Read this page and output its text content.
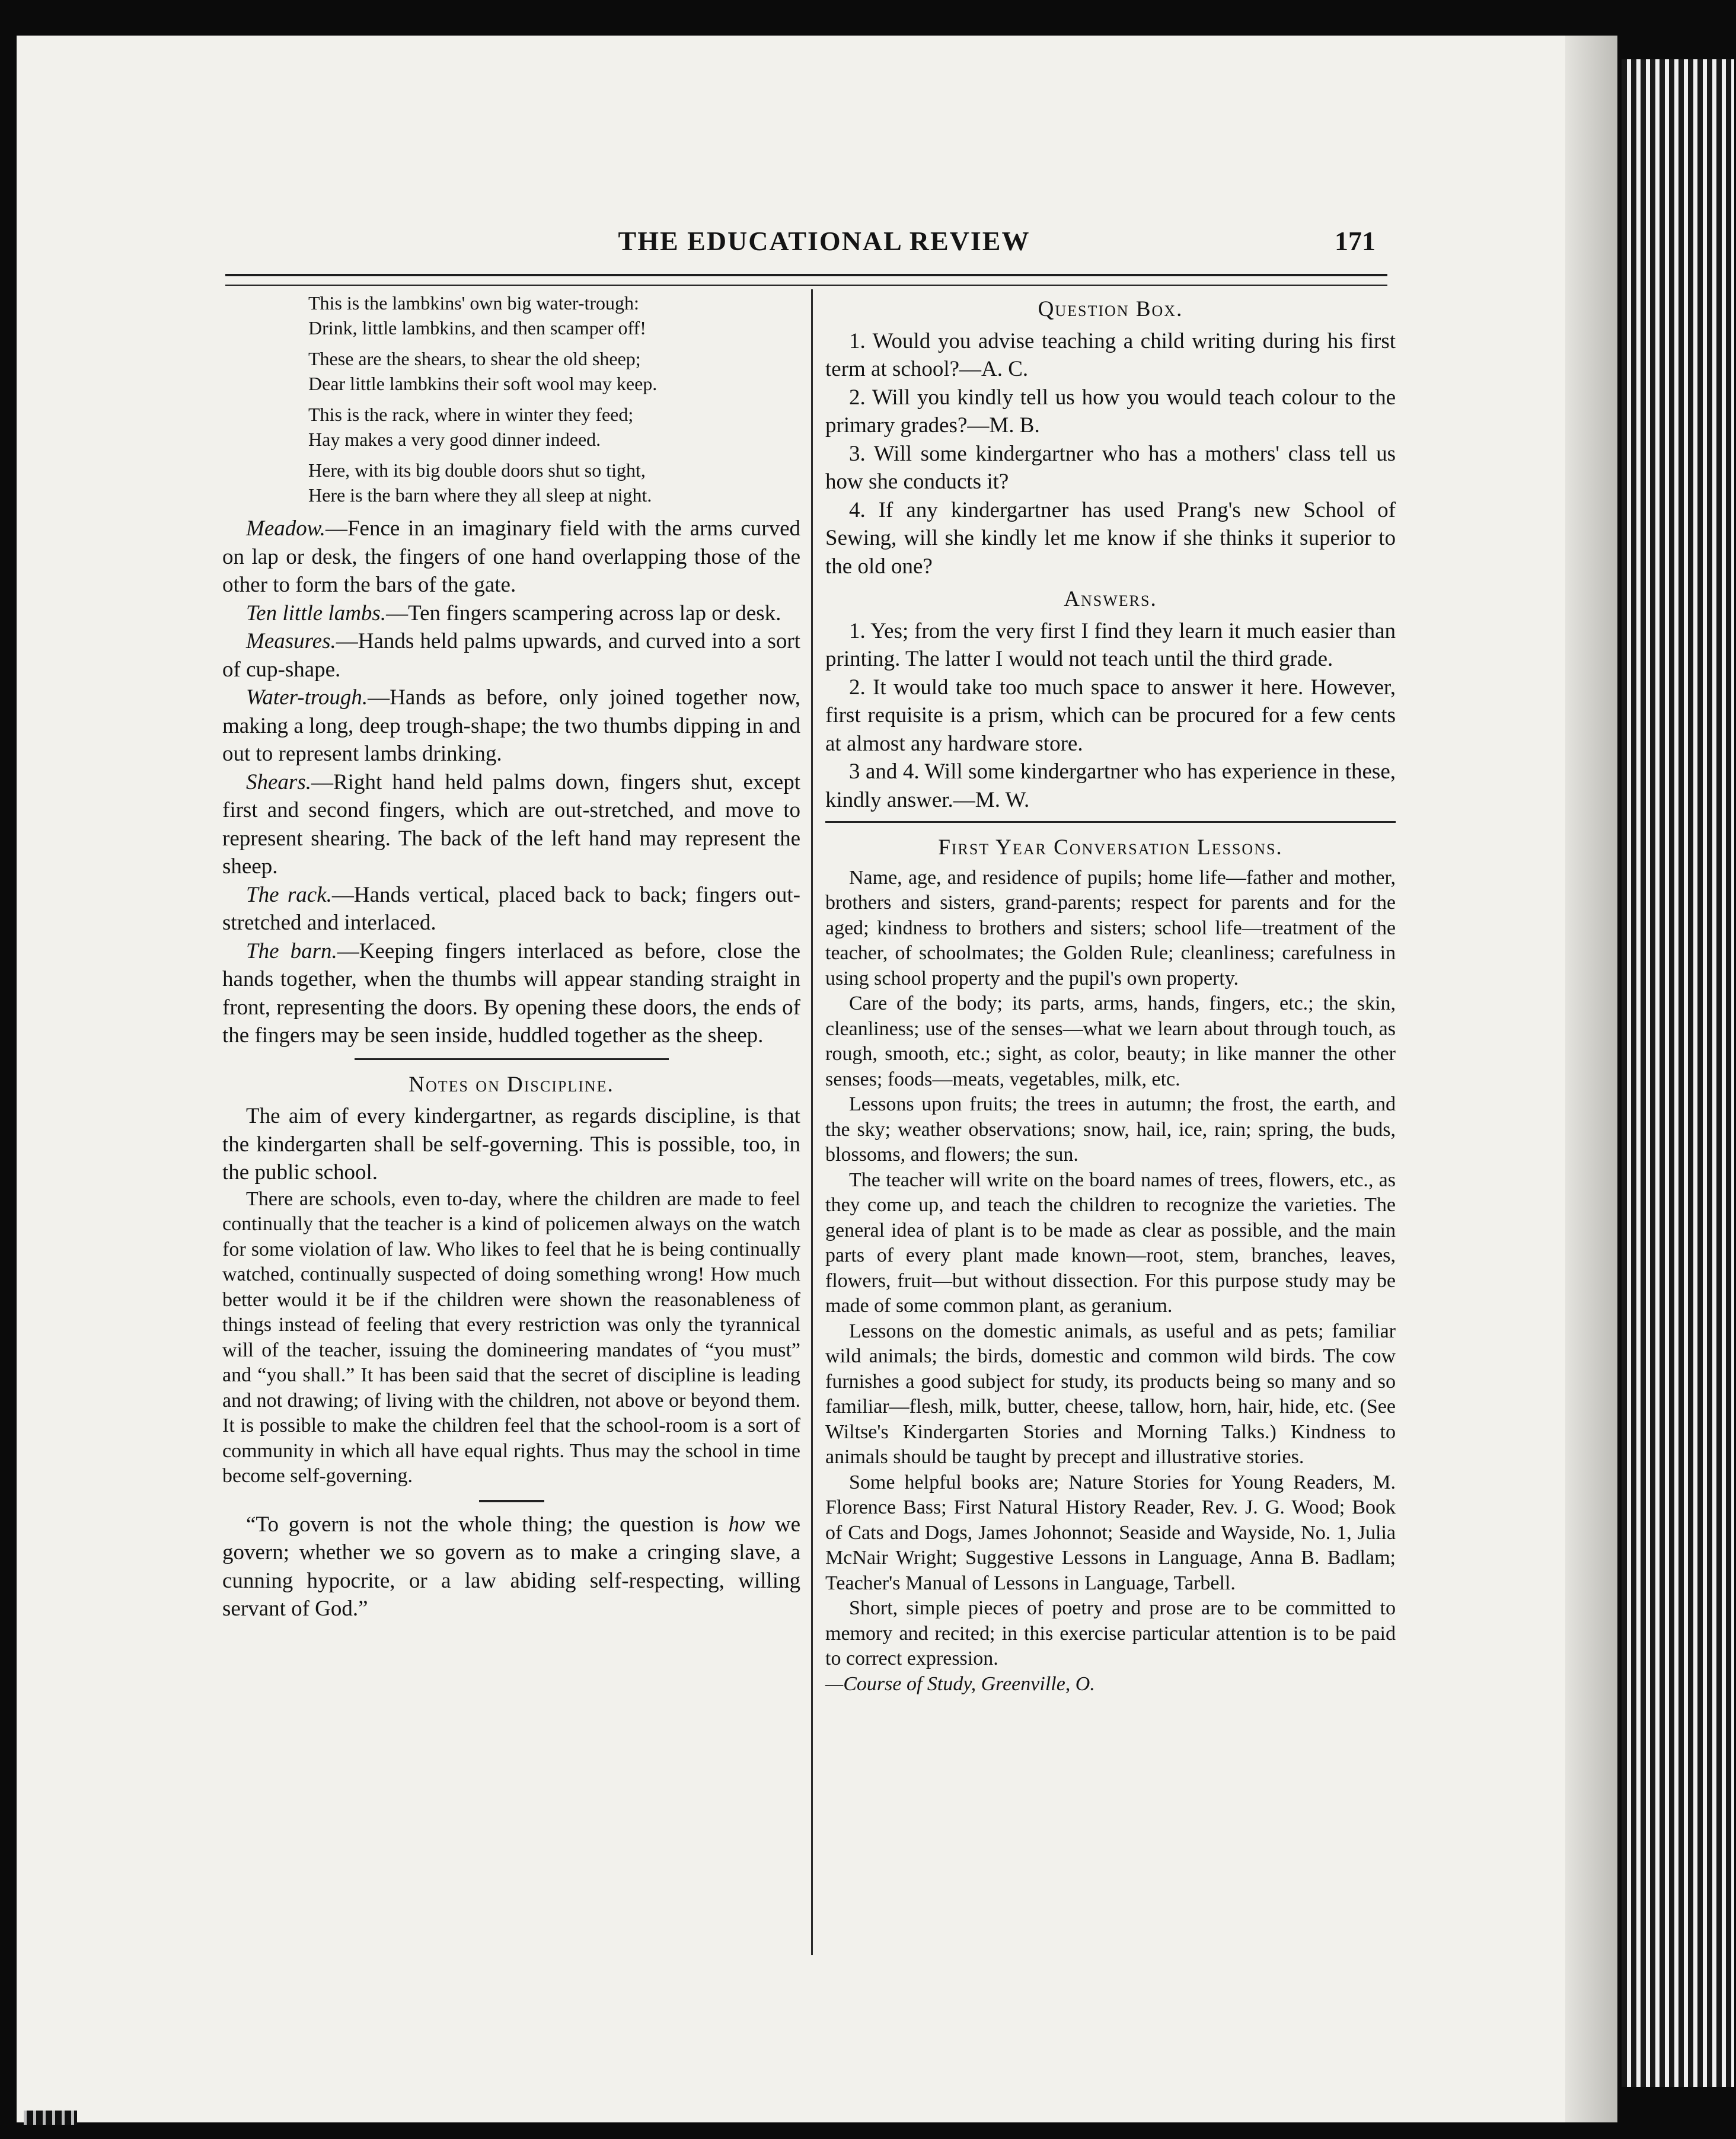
THE EDUCATIONAL REVIEW	171
This is the lambkins' own big water-trough:
Drink, little lambkins, and then scamper off!
These are the shears, to shear the old sheep;
Dear little lambkins their soft wool may keep.
This is the rack, where in winter they feed;
Hay makes a very good dinner indeed.
Here, with its big double doors shut so tight,
Here is the barn where they all sleep at night.

Meadow.—Fence in an imaginary field with the arms curved on lap or desk, the fingers of one hand overlapping those of the other to form the bars of the gate.

Ten little lambs.—Ten fingers scampering across lap or desk.

Measures.—Hands held palms upwards, and curved into a sort of cup-shape.

Water-trough.—Hands as before, only joined together now, making a long, deep trough-shape; the two thumbs dipping in and out to represent lambs drinking.

Shears.—Right hand held palms down, fingers shut, except first and second fingers, which are out-stretched, and move to represent shearing. The back of the left hand may represent the sheep.

The rack.—Hands vertical, placed back to back; fingers out-stretched and interlaced.

The barn.—Keeping fingers interlaced as before, close the hands together, when the thumbs will appear standing straight in front, representing the doors. By opening these doors, the ends of the fingers may be seen inside, huddled together as the sheep.

Notes on Discipline.

The aim of every kindergartner, as regards discipline, is that the kindergarten shall be self-governing. This is possible, too, in the public school.

There are schools, even to-day, where the children are made to feel continually that the teacher is a kind of policemen always on the watch for some violation of law. Who likes to feel that he is being continually watched, continually suspected of doing something wrong! How much better would it be if the children were shown the reasonableness of things instead of feeling that every restriction was only the tyrannical will of the teacher, issuing the domineering mandates of “you must” and “you shall.” It has been said that the secret of discipline is leading and not drawing; of living with the children, not above or beyond them. It is possible to make the children feel that the school-room is a sort of community in which all have equal rights. Thus may the school in time become self-governing.

“To govern is not the whole thing; the question is how we govern; whether we so govern as to make a cringing slave, a cunning hypocrite, or a law abiding self-respecting, willing servant of God.”

Question Box.

1. Would you advise teaching a child writing during his first term at school?—A. C.

2. Will you kindly tell us how you would teach colour to the primary grades?—M. B.

3. Will some kindergartner who has a mothers' class tell us how she conducts it?

4. If any kindergartner has used Prang's new School of Sewing, will she kindly let me know if she thinks it superior to the old one?

Answers.

1. Yes; from the very first I find they learn it much easier than printing. The latter I would not teach until the third grade.

2. It would take too much space to answer it here. However, first requisite is a prism, which can be procured for a few cents at almost any hardware store.

3 and 4. Will some kindergartner who has experience in these, kindly answer.—M. W.

First Year Conversation Lessons.

Name, age, and residence of pupils; home life—father and mother, brothers and sisters, grand-parents; respect for parents and for the aged; kindness to brothers and sisters; school life—treatment of the teacher, of schoolmates; the Golden Rule; cleanliness; carefulness in using school property and the pupil's own property.

Care of the body; its parts, arms, hands, fingers, etc.; the skin, cleanliness; use of the senses—what we learn about through touch, as rough, smooth, etc.; sight, as color, beauty; in like manner the other senses; foods—meats, vegetables, milk, etc.

Lessons upon fruits; the trees in autumn; the frost, the earth, and the sky; weather observations; snow, hail, ice, rain; spring, the buds, blossoms, and flowers; the sun.

The teacher will write on the board names of trees, flowers, etc., as they come up, and teach the children to recognize the varieties. The general idea of plant is to be made as clear as possible, and the main parts of every plant made known—root, stem, branches, leaves, flowers, fruit—but without dissection. For this purpose study may be made of some common plant, as geranium.

Lessons on the domestic animals, as useful and as pets; familiar wild animals; the birds, domestic and common wild birds. The cow furnishes a good subject for study, its products being so many and so familiar—flesh, milk, butter, cheese, tallow, horn, hair, hide, etc. (See Wiltse's Kindergarten Stories and Morning Talks.) Kindness to animals should be taught by precept and illustrative stories.

Some helpful books are; Nature Stories for Young Readers, M. Florence Bass; First Natural History Reader, Rev. J. G. Wood; Book of Cats and Dogs, James Johonnot; Seaside and Wayside, No. 1, Julia McNair Wright; Suggestive Lessons in Language, Anna B. Badlam; Teacher's Manual of Lessons in Language, Tarbell.

Short, simple pieces of poetry and prose are to be committed to memory and recited; in this exercise particular attention is to be paid to correct expression.

—Course of Study, Greenville, O.
